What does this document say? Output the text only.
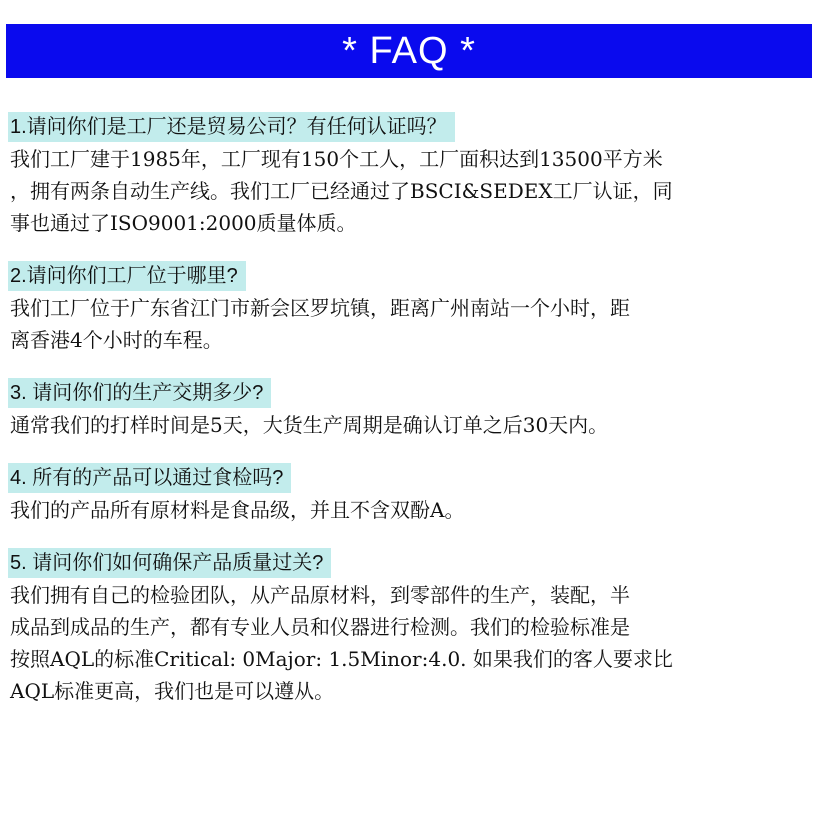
* FAQ *
1.请问你们是工厂还是贸易公司？有任何认证吗？
我们工厂建于1985年，工厂现有150个工人，工厂面积达到13500平方米
，拥有两条自动生产线。我们工厂已经通过了BSCI&SEDEX工厂认证，同
事也通过了ISO9001:2000质量体质。
2.请问你们工厂位于哪里?
我们工厂位于广东省江门市新会区罗坑镇，距离广州南站一个小时，距
离香港4个小时的车程。
3. 请问你们的生产交期多少?
通常我们的打样时间是5天，大货生产周期是确认订单之后30天内。
4. 所有的产品可以通过食检吗?
我们的产品所有原材料是食品级，并且不含双酚A。
5. 请问你们如何确保产品质量过关?
我们拥有自己的检验团队，从产品原材料，到零部件的生产，装配，半
成品到成品的生产，都有专业人员和仪器进行检测。我们的检验标准是
按照AQL的标准Critical: 0Major: 1.5Minor:4.0. 如果我们的客人要求比
AQL标准更高，我们也是可以遵从。
